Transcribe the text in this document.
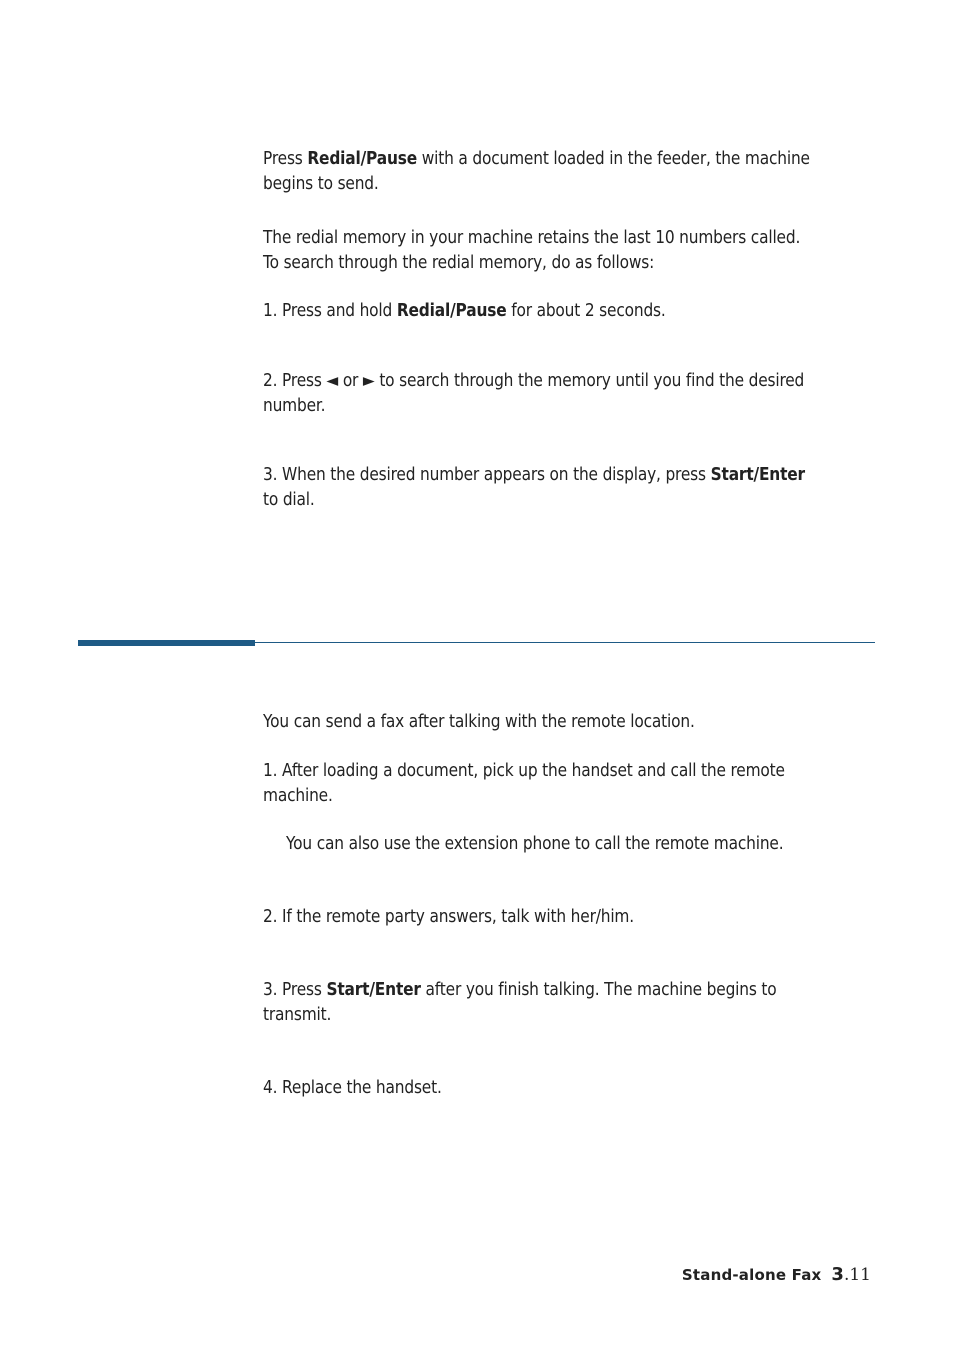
Press Redial/Pause with a document loaded in the feeder, the machine
begins to send.
The redial memory in your machine retains the last 10 numbers called.
To search through the redial memory, do as follows:
1. Press and hold Redial/Pause for about 2 seconds.
2. Press ◄ or ► to search through the memory until you find the desired
number.
3. When the desired number appears on the display, press Start/Enter
to dial.
You can send a fax after talking with the remote location.
1. After loading a document, pick up the handset and call the remote
machine.
You can also use the extension phone to call the remote machine.
2. If the remote party answers, talk with her/him.
3. Press Start/Enter after you finish talking. The machine begins to
transmit.
4. Replace the handset.
Stand-alone Fax 3.11
